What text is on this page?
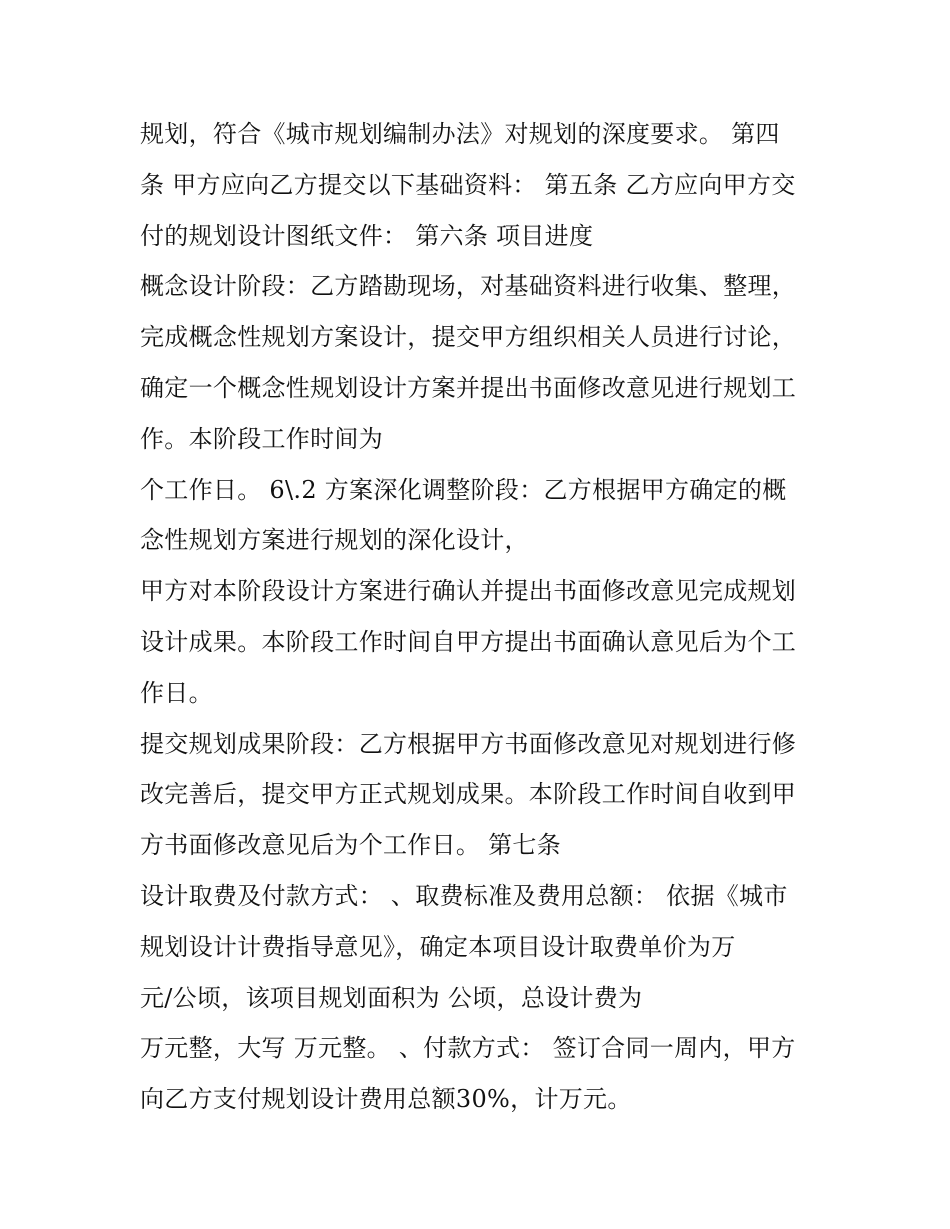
规划，符合《城市规划编制办法》对规划的深度要求。 第四
条 甲方应向乙方提交以下基础资料： 第五条 乙方应向甲方交
付的规划设计图纸文件： 第六条 项目进度
概念设计阶段：乙方踏勘现场，对基础资料进行收集、整理，
完成概念性规划方案设计，提交甲方组织相关人员进行讨论，
确定一个概念性规划设计方案并提出书面修改意见进行规划工
作。本阶段工作时间为
个工作日。 6\.2 方案深化调整阶段：乙方根据甲方确定的概
念性规划方案进行规划的深化设计，
甲方对本阶段设计方案进行确认并提出书面修改意见完成规划
设计成果。本阶段工作时间自甲方提出书面确认意见后为个工
作日。
提交规划成果阶段：乙方根据甲方书面修改意见对规划进行修
改完善后，提交甲方正式规划成果。本阶段工作时间自收到甲
方书面修改意见后为个工作日。 第七条
设计取费及付款方式： 、取费标准及费用总额： 依据《城市
规划设计计费指导意见》，确定本项目设计取费单价为万
元/公顷，该项目规划面积为 公顷，总设计费为
万元整，大写 万元整。 、付款方式： 签订合同一周内，甲方
向乙方支付规划设计费用总额30%，计万元。
